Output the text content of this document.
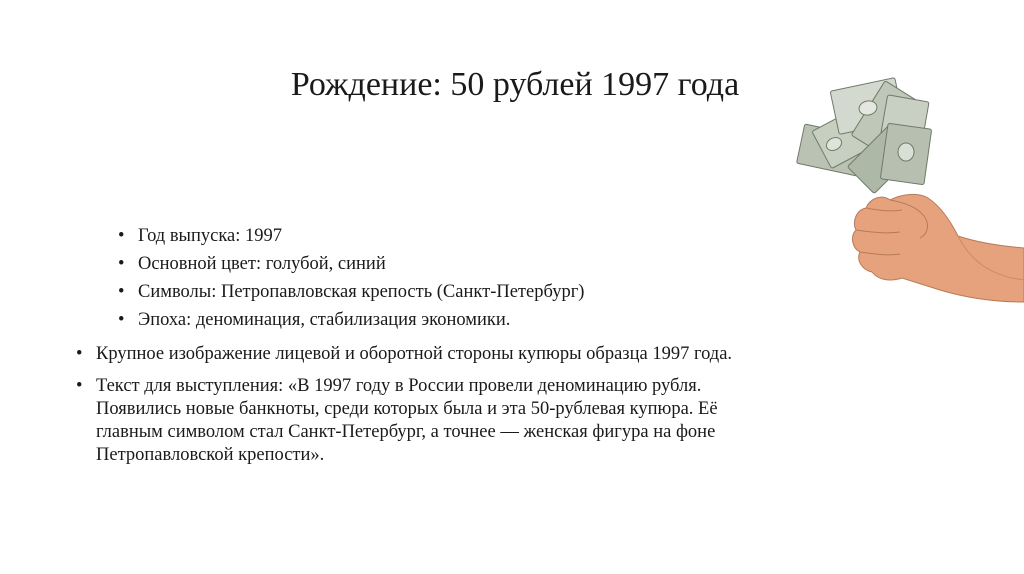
Рождение: 50 рублей 1997 года
• Год выпуска: 1997
• Основной цвет: голубой, синий
• Символы: Петропавловская крепость (Санкт-Петербург)
• Эпоха: деноминация, стабилизация экономики.
• Крупное изображение лицевой и оборотной стороны купюры образца 1997 года.
• Текст для выступления: «В 1997 году в России провели деноминацию рубля.
Появились новые банкноты, среди которых была и эта 50-рублевая купюра. Её
главным символом стал Санкт-Петербург, а точнее — женская фигура на фоне
Петропавловской крепости».
